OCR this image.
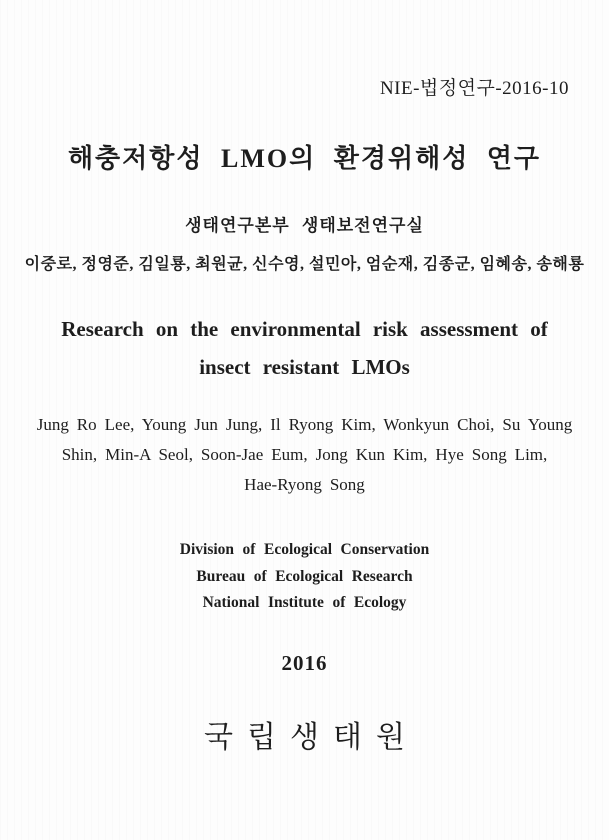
NIE-법정연구-2016-10
해충저항성 LMO의 환경위해성 연구
생태연구본부 생태보전연구실
이중로, 정영준, 김일룡, 최원균, 신수영, 설민아, 엄순재, 김종군, 임혜송, 송해룡
Research on the environmental risk assessment of
insect resistant LMOs
Jung Ro Lee, Young Jun Jung, Il Ryong Kim, Wonkyun Choi, Su Young
Shin, Min-A Seol, Soon-Jae Eum, Jong Kun Kim, Hye Song Lim,
Hae-Ryong Song
Division of Ecological Conservation
Bureau of Ecological Research
National Institute of Ecology
2016
국립생태원
